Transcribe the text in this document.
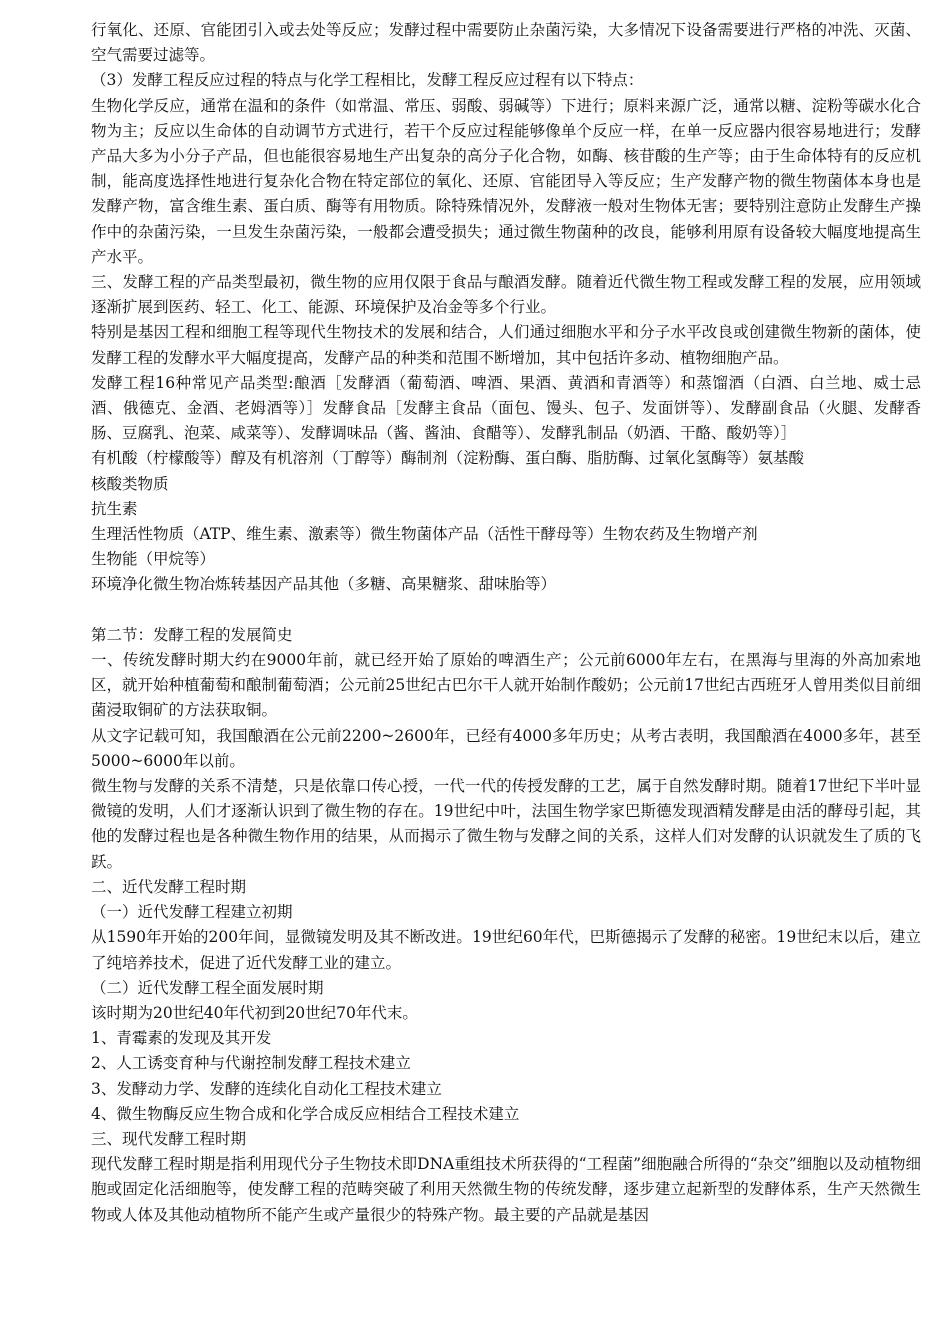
行氧化、还原、官能团引入或去处等反应；发酵过程中需要防止杂菌污染，大多情况下设备需要进行严格的冲洗、灭菌、空气需要过滤等。

（3）发酵工程反应过程的特点与化学工程相比，发酵工程反应过程有以下特点：

生物化学反应，通常在温和的条件（如常温、常压、弱酸、弱碱等）下进行；原料来源广泛，通常以糖、淀粉等碳水化合物为主；反应以生命体的自动调节方式进行，若干个反应过程能够像单个反应一样，在单一反应器内很容易地进行；发酵产品大多为小分子产品，但也能很容易地生产出复杂的高分子化合物，如酶、核苷酸的生产等；由于生命体特有的反应机制，能高度选择性地进行复杂化合物在特定部位的氧化、还原、官能团导入等反应；生产发酵产物的微生物菌体本身也是发酵产物，富含维生素、蛋白质、酶等有用物质。除特殊情况外，发酵液一般对生物体无害；要特别注意防止发酵生产操作中的杂菌污染，一旦发生杂菌污染，一般都会遭受损失；通过微生物菌种的改良，能够利用原有设备较大幅度地提高生产水平。

三、发酵工程的产品类型最初，微生物的应用仅限于食品与酿酒发酵。随着近代微生物工程或发酵工程的发展，应用领域逐渐扩展到医药、轻工、化工、能源、环境保护及冶金等多个行业。

特别是基因工程和细胞工程等现代生物技术的发展和结合，人们通过细胞水平和分子水平改良或创建微生物新的菌体，使发酵工程的发酵水平大幅度提高，发酵产品的种类和范围不断增加，其中包括许多动、植物细胞产品。

发酵工程16种常见产品类型:酿酒［发酵酒（葡萄酒、啤酒、果酒、黄酒和青酒等）和蒸馏酒（白酒、白兰地、威士忌酒、俄德克、金酒、老姆酒等）］发酵食品［发酵主食品（面包、馒头、包子、发面饼等）、发酵副食品（火腿、发酵香肠、豆腐乳、泡菜、咸菜等）、发酵调味品（酱、酱油、食醋等）、发酵乳制品（奶酒、干酪、酸奶等）］

有机酸（柠檬酸等）醇及有机溶剂（丁醇等）酶制剂（淀粉酶、蛋白酶、脂肪酶、过氧化氢酶等）氨基酸

核酸类物质

抗生素

生理活性物质（ATP、维生素、激素等）微生物菌体产品（活性干酵母等）生物农药及生物增产剂

生物能（甲烷等）

环境净化微生物冶炼转基因产品其他（多糖、高果糖浆、甜味胎等）

第二节：发酵工程的发展简史

一、传统发酵时期大约在9000年前，就已经开始了原始的啤酒生产；公元前6000年左右，在黑海与里海的外高加索地区，就开始种植葡萄和酿制葡萄酒；公元前25世纪古巴尔干人就开始制作酸奶；公元前17世纪古西班牙人曾用类似目前细菌浸取铜矿的方法获取铜。

从文字记载可知，我国酿酒在公元前2200~2600年，已经有4000多年历史；从考古表明，我国酿酒在4000多年，甚至5000~6000年以前。

微生物与发酵的关系不清楚，只是依靠口传心授，一代一代的传授发酵的工艺，属于自然发酵时期。随着17世纪下半叶显微镜的发明，人们才逐渐认识到了微生物的存在。19世纪中叶，法国生物学家巴斯德发现酒精发酵是由活的酵母引起，其他的发酵过程也是各种微生物作用的结果，从而揭示了微生物与发酵之间的关系，这样人们对发酵的认识就发生了质的飞跃。

二、近代发酵工程时期

（一）近代发酵工程建立初期

从1590年开始的200年间，显微镜发明及其不断改进。19世纪60年代，巴斯德揭示了发酵的秘密。19世纪末以后，建立了纯培养技术，促进了近代发酵工业的建立。

（二）近代发酵工程全面发展时期

该时期为20世纪40年代初到20世纪70年代末。

1、青霉素的发现及其开发

2、人工诱变育种与代谢控制发酵工程技术建立

3、发酵动力学、发酵的连续化自动化工程技术建立

4、微生物酶反应生物合成和化学合成反应相结合工程技术建立

三、现代发酵工程时期

现代发酵工程时期是指利用现代分子生物技术即DNA重组技术所获得的“工程菌”细胞融合所得的“杂交”细胞以及动植物细胞或固定化活细胞等，使发酵工程的范畴突破了利用天然微生物的传统发酵，逐步建立起新型的发酵体系，生产天然微生物或人体及其他动植物所不能产生或产量很少的特殊产物。最主要的产品就是基因
